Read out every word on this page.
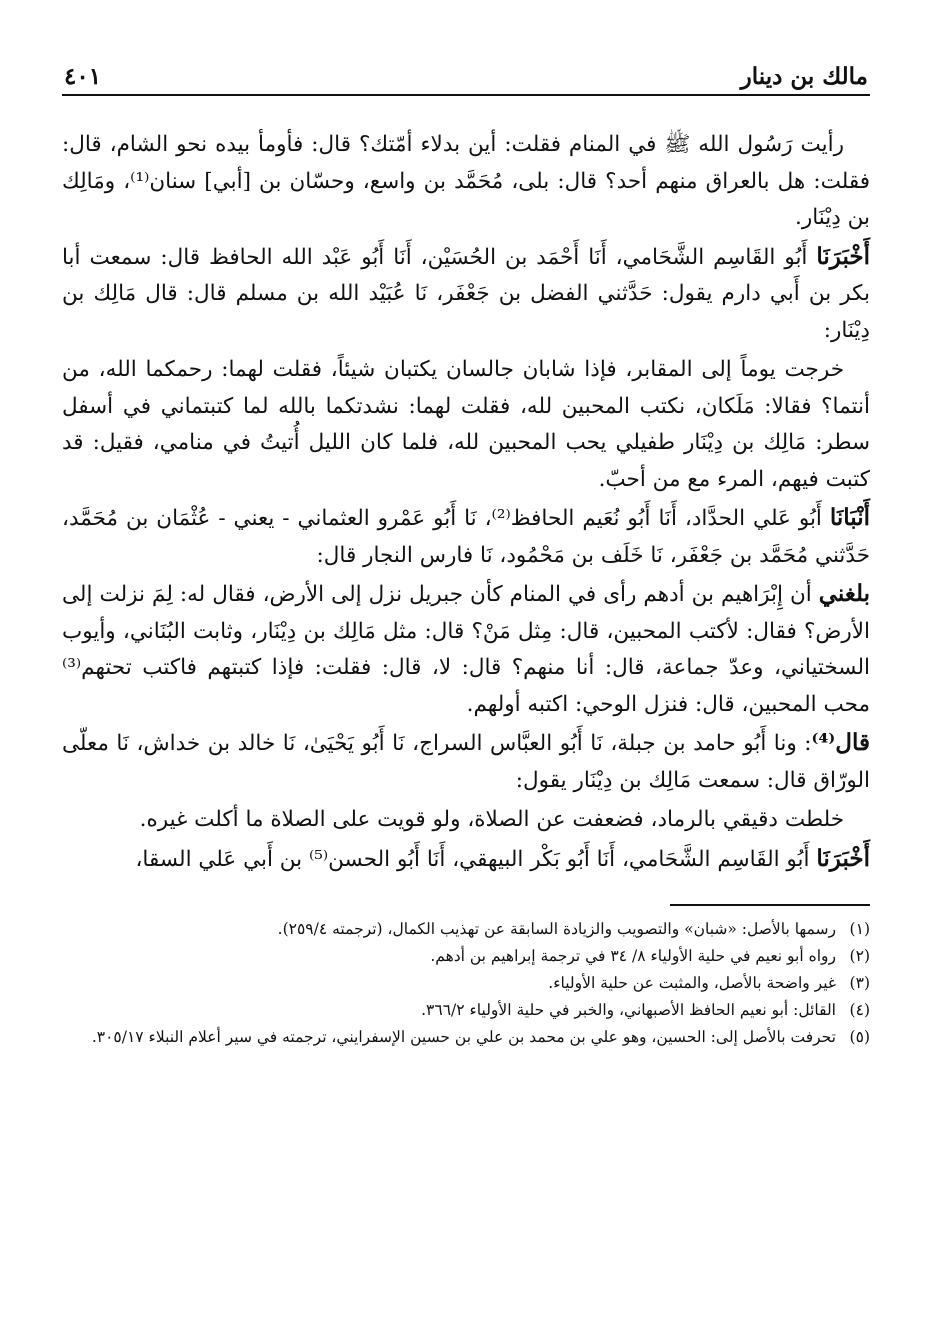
مالك بن دينار
٤٠١

رأيت رَسُول الله ﷺ في المنام فقلت: أين بدلاء أمّتك؟ قال: فأومأ بيده نحو الشام، قال: فقلت: هل بالعراق منهم أحد؟ قال: بلى، مُحَمَّد بن واسع، وحسّان بن [أبي] سنان⁽¹⁾، ومَالِك بن دِيْنَار.

أَخْبَرَنَا أَبُو القَاسِم الشَّحَامي، أَنَا أَحْمَد بن الحُسَيْن، أَنَا أَبُو عَبْد الله الحافظ قال: سمعت أبا بكر بن أَبي دارم يقول: حَدَّثني الفضل بن جَعْفَر، نَا عُبَيْد الله بن مسلم قال: قال مَالِك بن دِيْنَار:

خرجت يوماً إلى المقابر، فإذا شابان جالسان يكتبان شيئاً، فقلت لهما: رحمكما الله، من أنتما؟ فقالا: مَلَكان، نكتب المحبين لله، فقلت لهما: نشدتكما بالله لما كتبتماني في أسفل سطر: مَالِك بن دِيْنَار طفيلي يحب المحبين لله، فلما كان الليل أُتيتُ في منامي، فقيل: قد كتبت فيهم، المرء مع من أحبّ.

أَنْبَانَا أَبُو عَلي الحدَّاد، أَنَا أَبُو نُعَيم الحافظ⁽²⁾، نَا أَبُو عَمْرو العثماني - يعني - عُثْمَان بن مُحَمَّد، حَدَّثني مُحَمَّد بن جَعْفَر، نَا خَلَف بن مَحْمُود، نَا فارس النجار قال:

بلغني أن إِبْرَاهيم بن أدهم رأى في المنام كأن جبريل نزل إلى الأرض، فقال له: لِمَ نزلت إلى الأرض؟ فقال: لأكتب المحبين، قال: مِثل مَنْ؟ قال: مثل مَالِك بن دِيْنَار، وثابت البُنَاني، وأيوب السختياني، وعدّ جماعة، قال: أنا منهم؟ قال: لا، قال: فقلت: فإذا كتبتهم فاكتب تحتهم⁽³⁾ محب المحبين، قال: فنزل الوحي: اكتبه أولهم.

قال⁽⁴⁾: ونا أَبُو حامد بن جبلة، نَا أَبُو العبَّاس السراج، نَا أَبُو يَحْيَىٰ، نَا خالد بن خداش، نَا معلّى الورّاق قال: سمعت مَالِك بن دِيْنَار يقول:

خلطت دقيقي بالرماد، فضعفت عن الصلاة، ولو قويت على الصلاة ما أكلت غيره.

أَخْبَرَنَا أَبُو القَاسِم الشَّحَامي، أَنَا أَبُو بَكْر البيهقي، أَنَا أَبُو الحسن⁽⁵⁾ بن أَبي عَلي السقا،

(١)
رسمها بالأصل: «شبان» والتصويب والزيادة السابقة عن تهذيب الكمال، (ترجمته ٢٥٩/٤).
(٢)
رواه أبو نعيم في حلية الأولياء ٨/ ٣٤ في ترجمة إبراهيم بن أدهم.
(٣)
غير واضحة بالأصل، والمثبت عن حلية الأولياء.
(٤)
القائل: أبو نعيم الحافظ الأصبهاني، والخبر في حلية الأولياء ٣٦٦/٢.
(٥)
تحرفت بالأصل إلى: الحسين، وهو علي بن محمد بن علي بن حسين الإسفرايني، ترجمته في سير أعلام النبلاء ٣٠٥/١٧.
